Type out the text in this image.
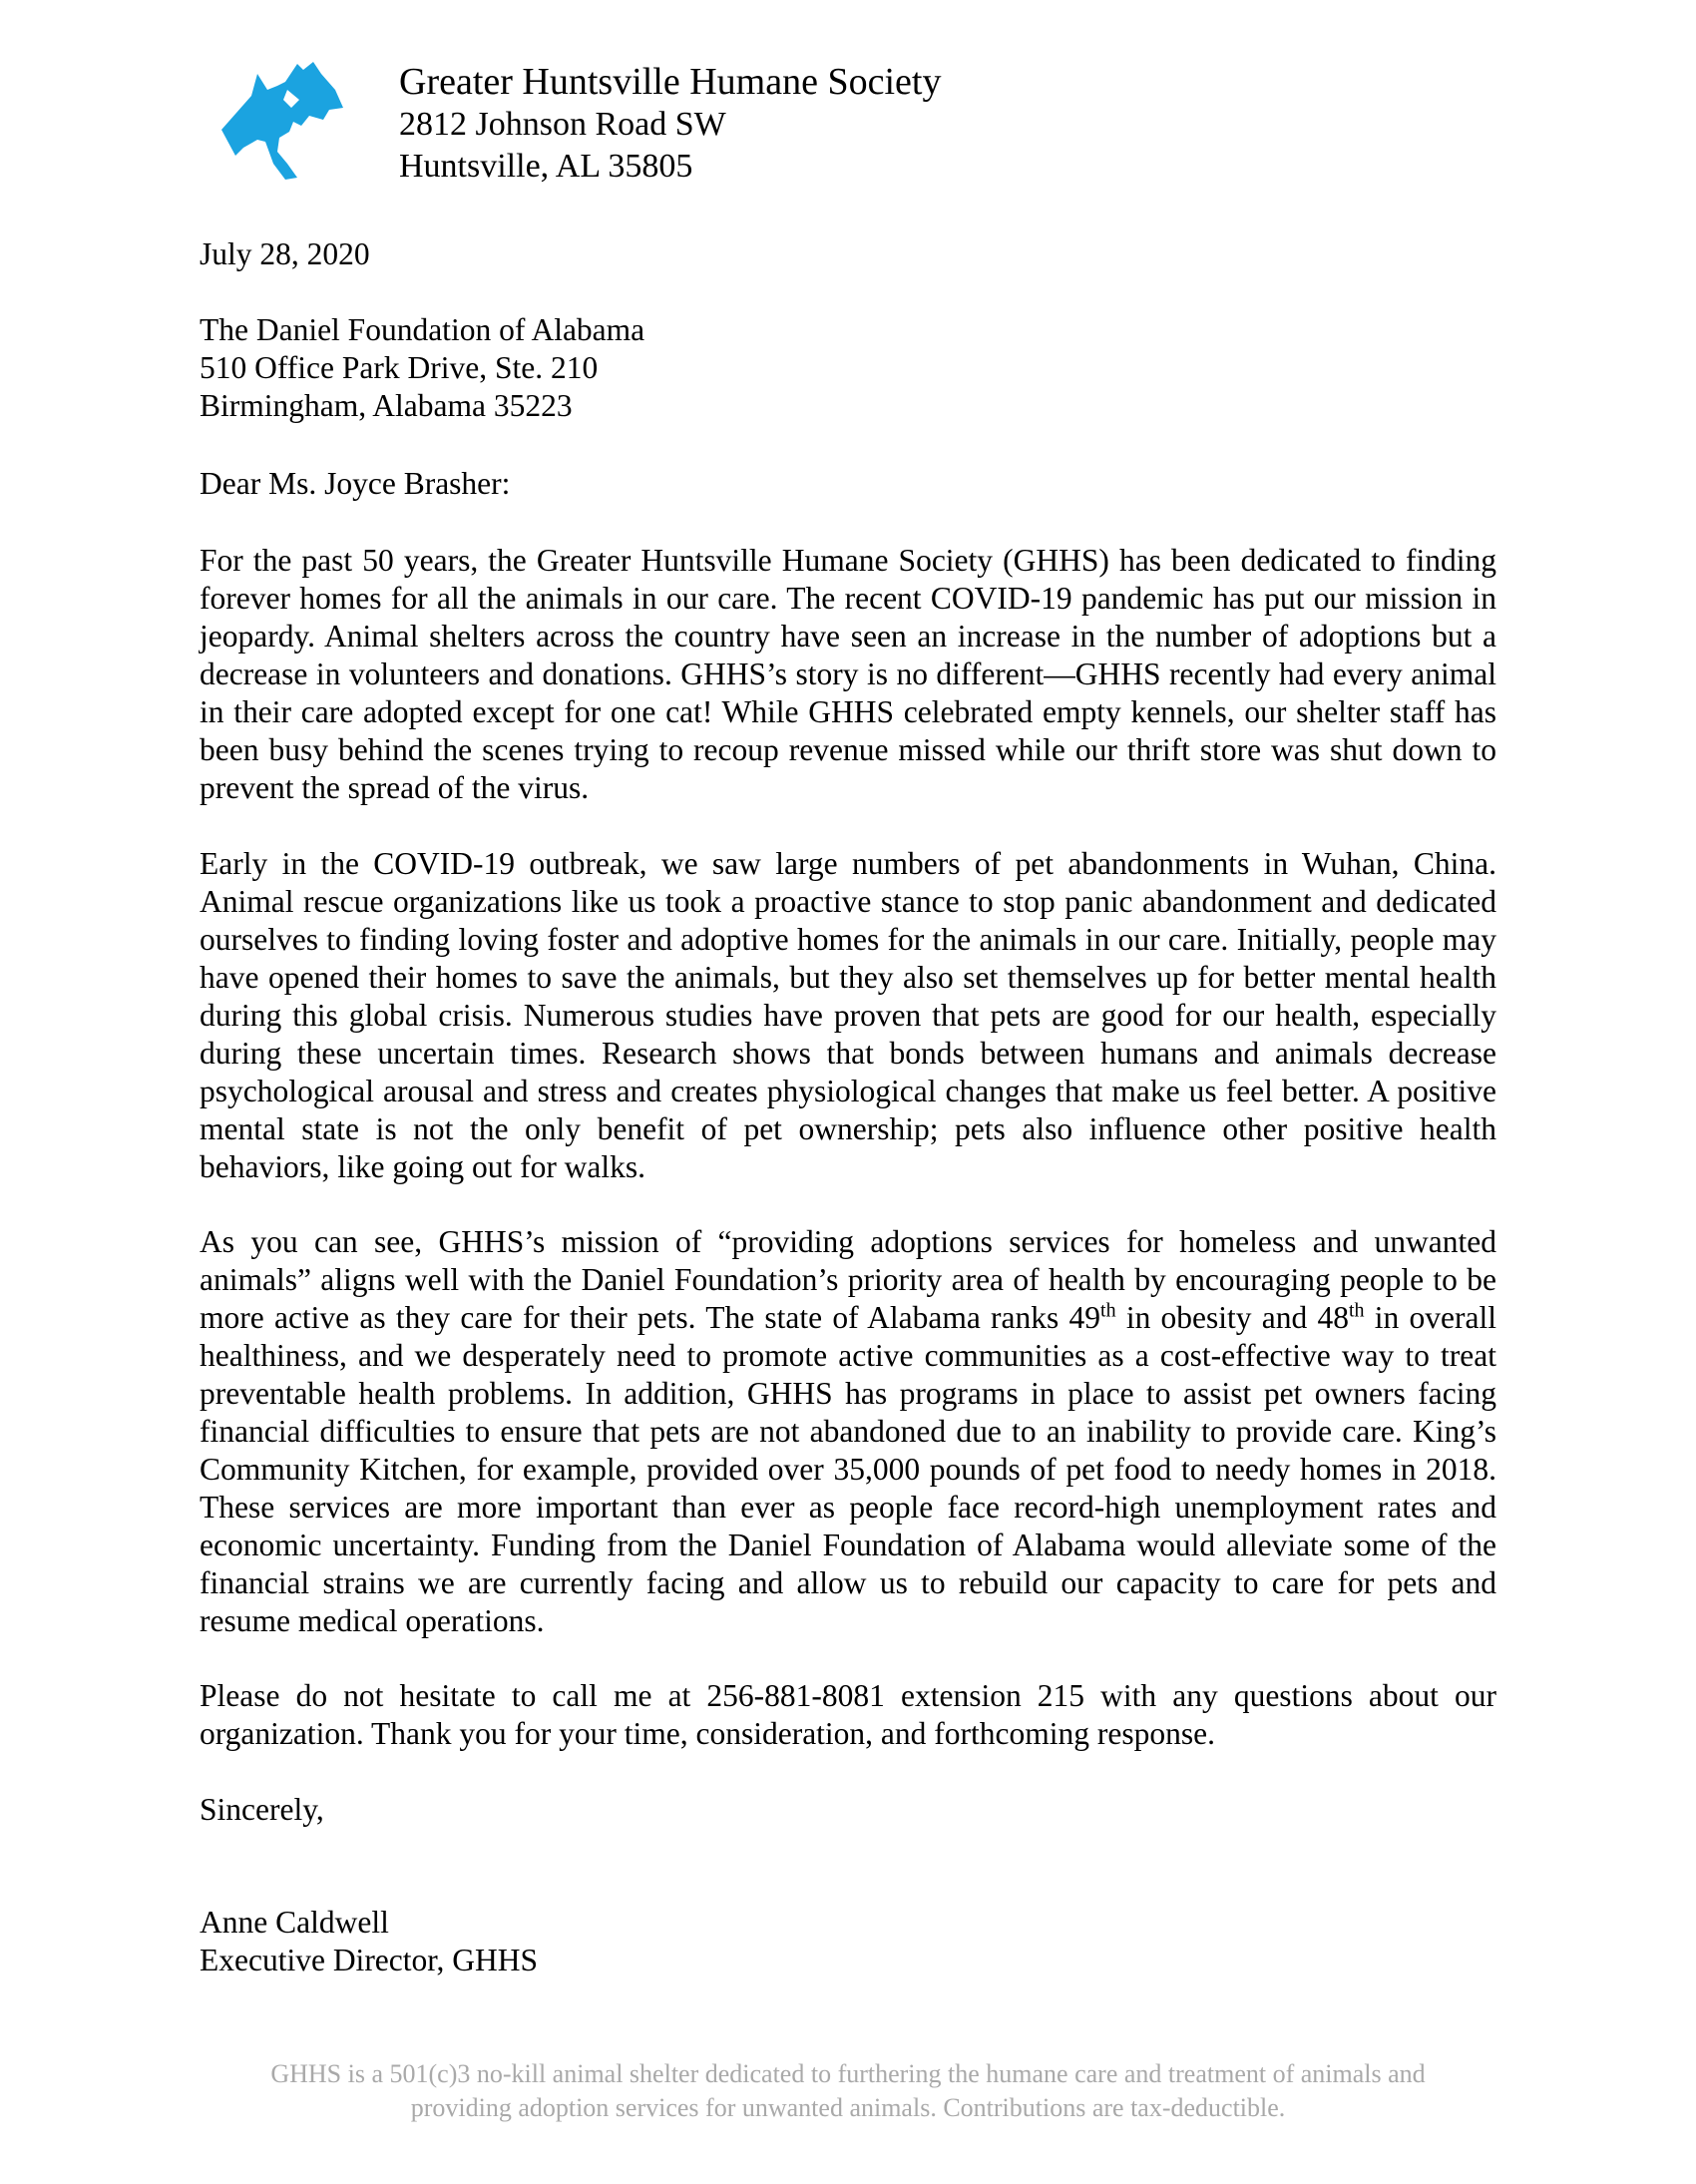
Greater Huntsville Humane Society
2812 Johnson Road SW
Huntsville, AL 35805
July 28, 2020
The Daniel Foundation of Alabama
510 Office Park Drive, Ste. 210
Birmingham, Alabama 35223
Dear Ms. Joyce Brasher:
For the past 50 years, the Greater Huntsville Humane Society (GHHS) has been dedicated to finding forever homes for all the animals in our care. The recent COVID-19 pandemic has put our mission in jeopardy. Animal shelters across the country have seen an increase in the number of adoptions but a decrease in volunteers and donations. GHHS’s story is no different—GHHS recently had every animal in their care adopted except for one cat! While GHHS celebrated empty kennels, our shelter staff has been busy behind the scenes trying to recoup revenue missed while our thrift store was shut down to prevent the spread of the virus.
Early in the COVID-19 outbreak, we saw large numbers of pet abandonments in Wuhan, China. Animal rescue organizations like us took a proactive stance to stop panic abandonment and dedicated ourselves to finding loving foster and adoptive homes for the animals in our care. Initially, people may have opened their homes to save the animals, but they also set themselves up for better mental health during this global crisis. Numerous studies have proven that pets are good for our health, especially during these uncertain times. Research shows that bonds between humans and animals decrease psychological arousal and stress and creates physiological changes that make us feel better. A positive mental state is not the only benefit of pet ownership; pets also influence other positive health behaviors, like going out for walks.
As you can see, GHHS’s mission of “providing adoptions services for homeless and unwanted animals” aligns well with the Daniel Foundation’s priority area of health by encouraging people to be more active as they care for their pets. The state of Alabama ranks 49th in obesity and 48th in overall healthiness, and we desperately need to promote active communities as a cost-effective way to treat preventable health problems. In addition, GHHS has programs in place to assist pet owners facing financial difficulties to ensure that pets are not abandoned due to an inability to provide care. King’s Community Kitchen, for example, provided over 35,000 pounds of pet food to needy homes in 2018. These services are more important than ever as people face record-high unemployment rates and economic uncertainty. Funding from the Daniel Foundation of Alabama would alleviate some of the financial strains we are currently facing and allow us to rebuild our capacity to care for pets and resume medical operations.
Please do not hesitate to call me at 256-881-8081 extension 215 with any questions about our organization. Thank you for your time, consideration, and forthcoming response.
Sincerely,
Anne Caldwell
Executive Director, GHHS
GHHS is a 501(c)3 no-kill animal shelter dedicated to furthering the humane care and treatment of animals and
providing adoption services for unwanted animals. Contributions are tax-deductible.
